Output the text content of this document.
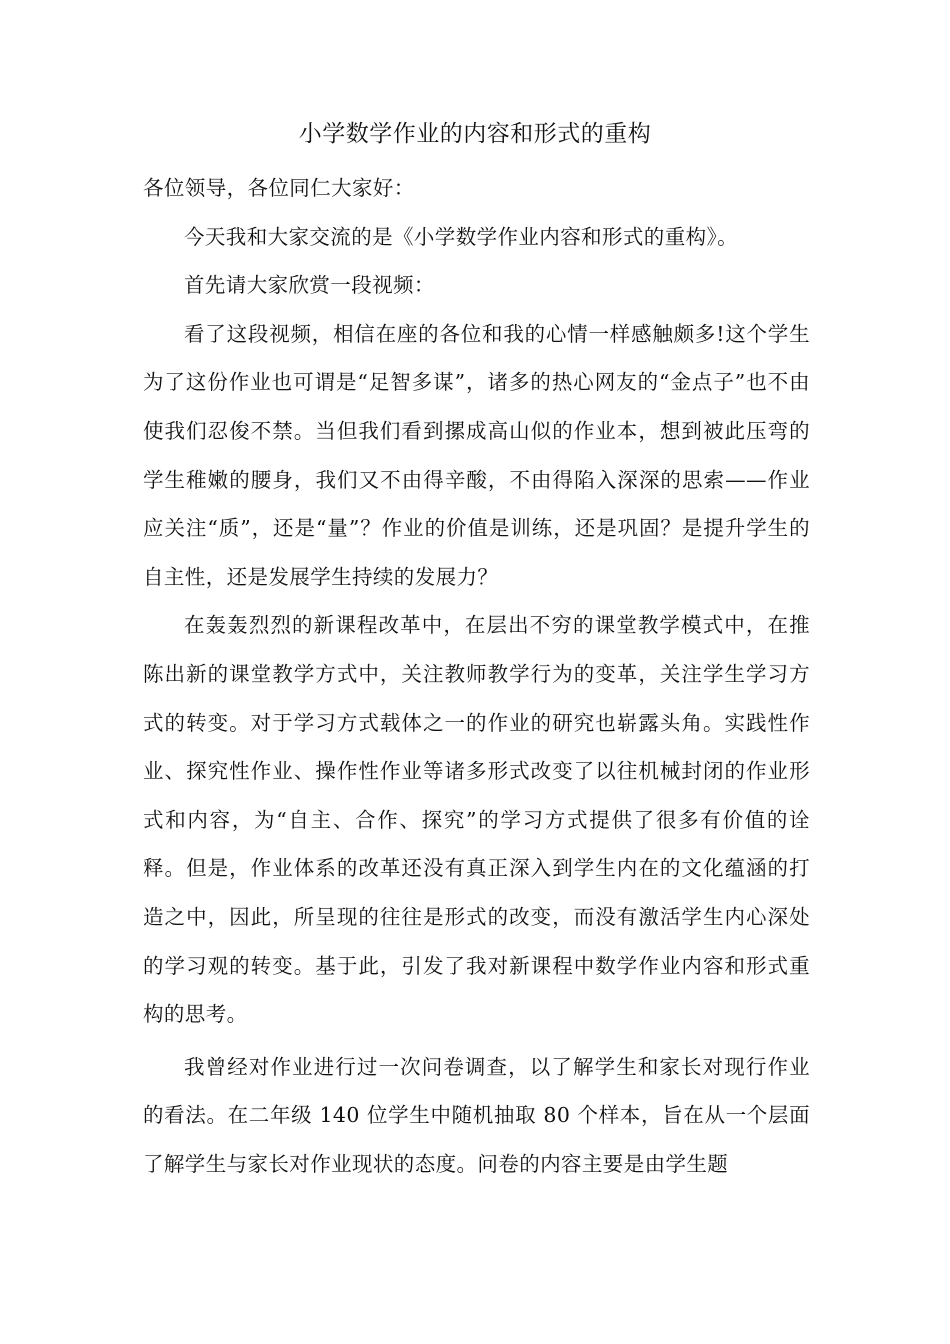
小学数学作业的内容和形式的重构

各位领导，各位同仁大家好：

今天我和大家交流的是《小学数学作业内容和形式的重构》。

首先请大家欣赏一段视频：

看了这段视频，相信在座的各位和我的心情一样感触颇多!这个学生为了这份作业也可谓是“足智多谋”，诸多的热心网友的“金点子”也不由使我们忍俊不禁。当但我们看到摞成高山似的作业本，想到被此压弯的学生稚嫩的腰身，我们又不由得辛酸，不由得陷入深深的思索——作业应关注“质”，还是“量”？作业的价值是训练，还是巩固？是提升学生的自主性，还是发展学生持续的发展力？

在轰轰烈烈的新课程改革中，在层出不穷的课堂教学模式中，在推陈出新的课堂教学方式中，关注教师教学行为的变革，关注学生学习方式的转变。对于学习方式载体之一的作业的研究也崭露头角。实践性作业、探究性作业、操作性作业等诸多形式改变了以往机械封闭的作业形式和内容，为“自主、合作、探究”的学习方式提供了很多有价值的诠释。但是，作业体系的改革还没有真正深入到学生内在的文化蕴涵的打造之中，因此，所呈现的往往是形式的改变，而没有激活学生内心深处的学习观的转变。基于此，引发了我对新课程中数学作业内容和形式重构的思考。

我曾经对作业进行过一次问卷调查，以了解学生和家长对现行作业的看法。在二年级 140 位学生中随机抽取 80 个样本，旨在从一个层面了解学生与家长对作业现状的态度。问卷的内容主要是由学生题
